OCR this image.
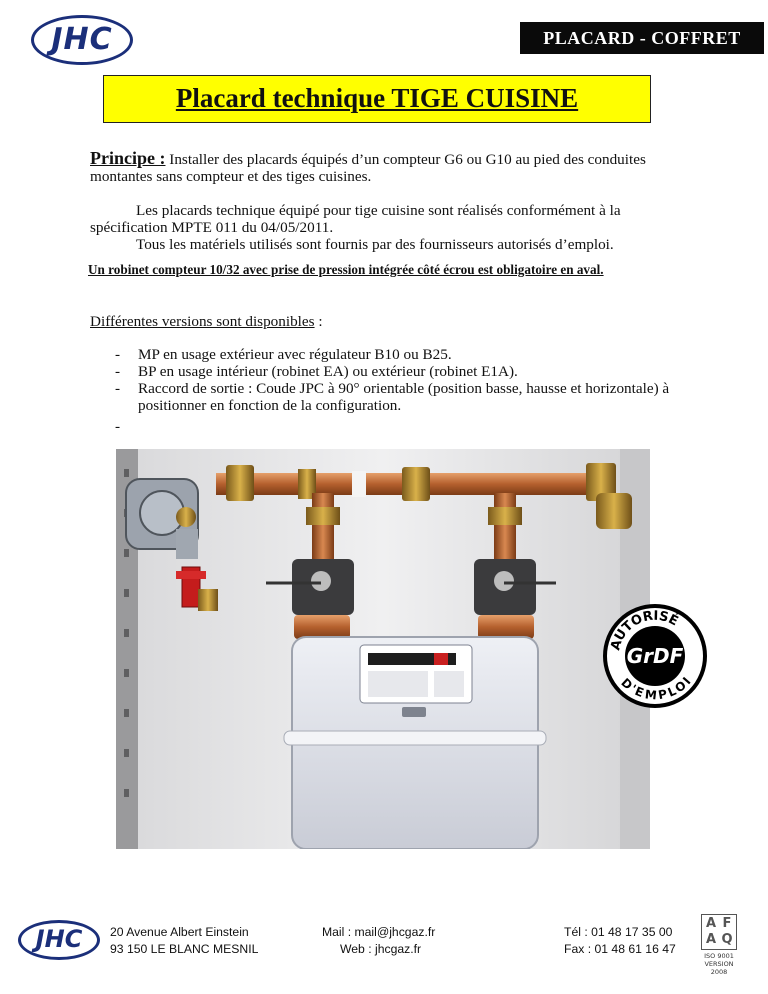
JHC	PLACARD - COFFRET
Placard technique TIGE CUISINE
Principe : Installer des placards équipés d’un compteur G6 ou G10 au pied des conduites
montantes sans compteur et des tiges cuisines.
Les placards technique équipé pour tige cuisine sont réalisés conformément à la
spécification MPTE 011 du 04/05/2011.
Tous les matériels utilisés sont fournis par des fournisseurs autorisés d’emploi.
Un robinet compteur 10/32 avec prise de pression intégrée côté écrou est obligatoire en aval.
Différentes versions sont disponibles :
- MP en usage extérieur avec régulateur B10 ou B25.
- BP en usage intérieur (robinet EA) ou extérieur (robinet E1A).
- Raccord de sortie : Coude JPC à 90° orientable (position basse, hausse et horizontale) à positionner en fonction de la configuration.
-
AUTORISÉ
D'EMPLOI
GrDF
JHC	20 Avenue Albert Einstein
93 150 LE BLANC MESNIL
Mail : mail@jhcgaz.fr
Web : jhcgaz.fr
Tél : 01 48 17 35 00
Fax : 01 48 61 16 47
A F
A Q
ISO 9001
VERSION 2008
